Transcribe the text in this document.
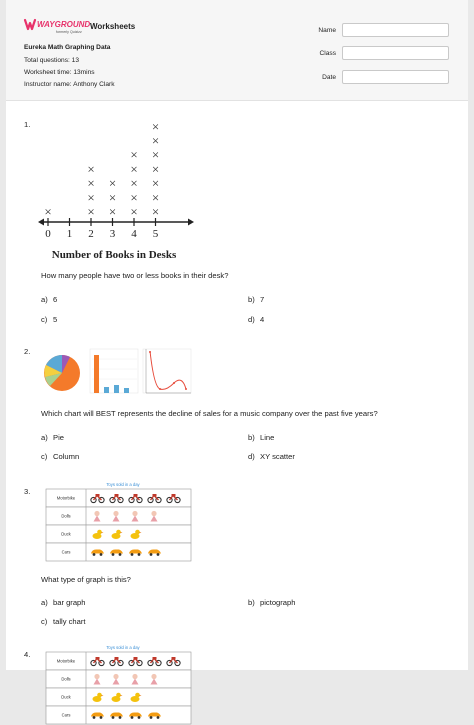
WAYGROUND
formerly Quizizz
Worksheets
Eureka Math Graphing Data
Total questions: 13
Worksheet time: 13mins
Instructor name: Anthony Clark
Name
Class
Date
1.
×	×
×
×
×
×
×
×
×
×
×
×
×
×
×
×
×
×
×
×
Number of Books in Desks
0 1 2 3 4 5
How many people have two or less books in their desk?
a) 6	b) 7
c) 5	d) 4
2.
Which chart will BEST represents the decline of sales for a music company over the past five years?
a) Pie	b) Line
c) Column	d) XY scatter
3.
Toys sold in a day
Motorbike
Dolls
Duck
Cars
What type of graph is this?
a) bar graph	b) pictograph
c) tally chart
4.
Toys sold in a day
Motorbike
Dolls
Duck
Cars
